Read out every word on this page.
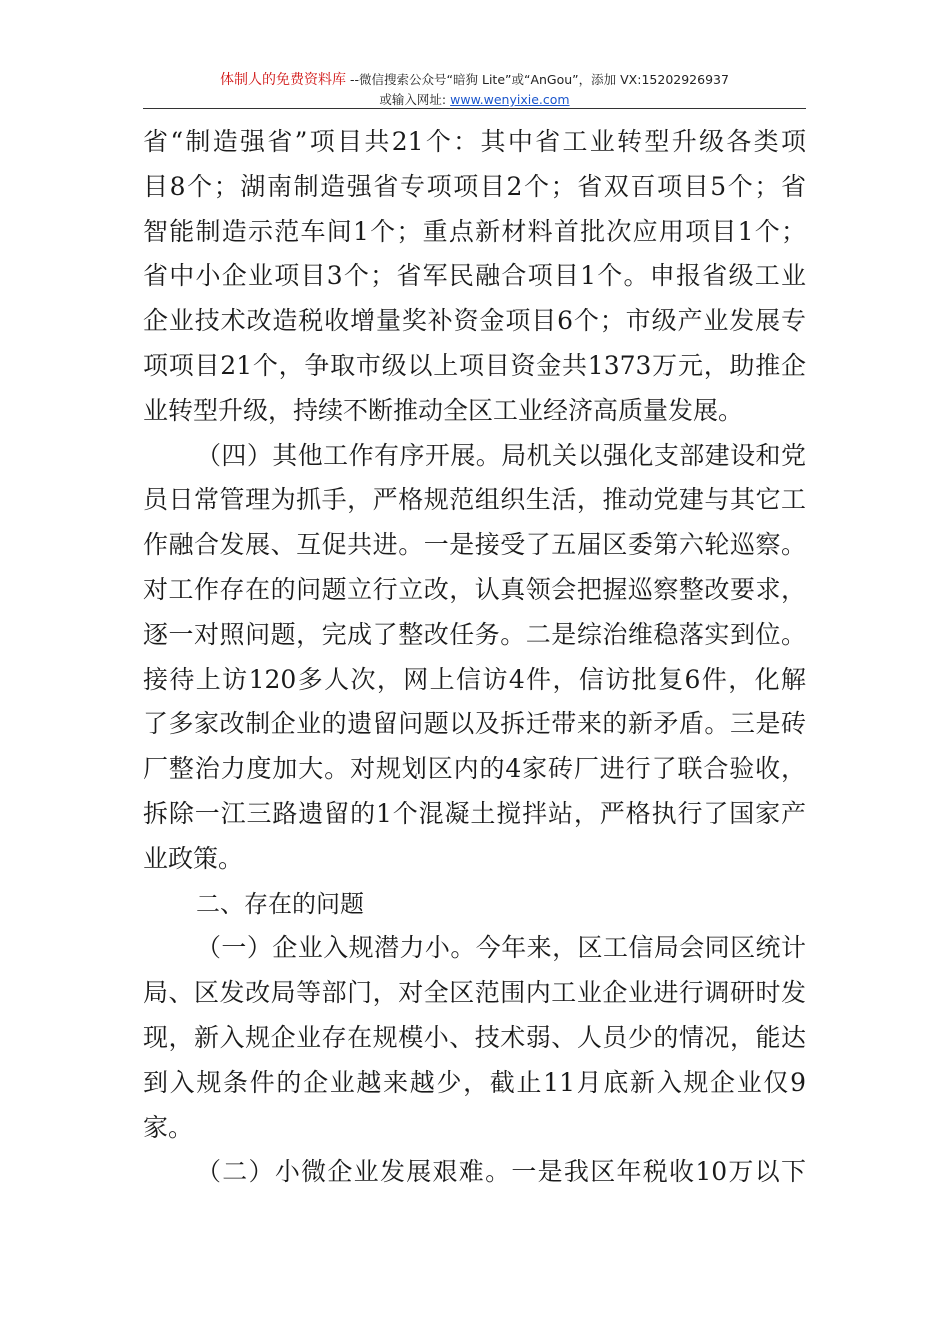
体制人的免费资料库 --微信搜索公众号“暗狗 Lite”或“AnGou”，添加 VX:15202926937
或输入网址: www.wenyixie.com
省“制造强省”项目共21个：其中省工业转型升级各类项
目8个；湖南制造强省专项项目2个；省双百项目5个；省
智能制造示范车间1个；重点新材料首批次应用项目1个；
省中小企业项目3个；省军民融合项目1个。申报省级工业
企业技术改造税收增量奖补资金项目6个；市级产业发展专
项项目21个，争取市级以上项目资金共1373万元，助推企
业转型升级，持续不断推动全区工业经济高质量发展。
（四）其他工作有序开展。局机关以强化支部建设和党
员日常管理为抓手，严格规范组织生活，推动党建与其它工
作融合发展、互促共进。一是接受了五届区委第六轮巡察。
对工作存在的问题立行立改，认真领会把握巡察整改要求，
逐一对照问题，完成了整改任务。二是综治维稳落实到位。
接待上访120多人次，网上信访4件，信访批复6件，化解
了多家改制企业的遗留问题以及拆迁带来的新矛盾。三是砖
厂整治力度加大。对规划区内的4家砖厂进行了联合验收，
拆除一江三路遗留的1个混凝土搅拌站，严格执行了国家产
业政策。
二、存在的问题
（一）企业入规潜力小。今年来，区工信局会同区统计
局、区发改局等部门，对全区范围内工业企业进行调研时发
现，新入规企业存在规模小、技术弱、人员少的情况，能达
到入规条件的企业越来越少，截止11月底新入规企业仅9
家。
（二）小微企业发展艰难。一是我区年税收10万以下
